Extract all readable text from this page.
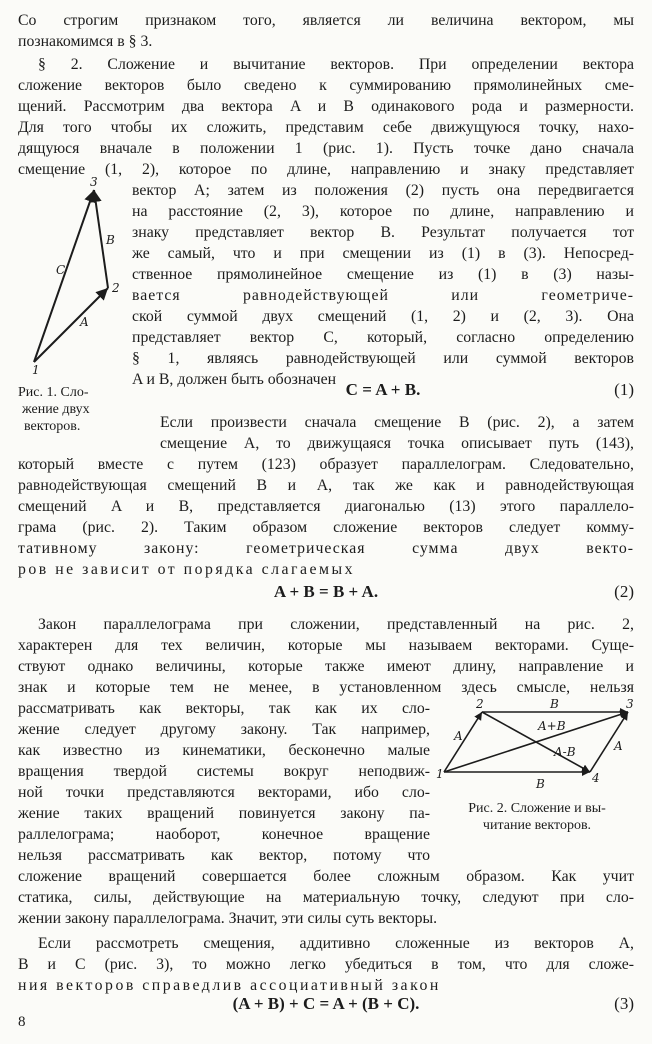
Со строгим признаком того, является ли величина вектором, мы
познакомимся в § 3.
§ 2. Сложение и вычитание векторов. При определении вектора
сложение векторов было сведено к суммированию прямолинейных сме-
щений. Рассмотрим два вектора A и B одинакового рода и размерности.
Для того чтобы их сложить, представим себе движущуюся точку, нахо-
дящуюся вначале в положении 1 (рис. 1). Пусть точке дано сначала
смещение (1, 2), которое по длине, направлению и знаку представляет
вектор A; затем из положения (2) пусть она передвигается
на расстояние (2, 3), которое по длине, направлению и
знаку представляет вектор B. Результат получается тот
же самый, что и при смещении из (1) в (3). Непосред-
ственное прямолинейное смещение из (1) в (3) назы-
вается равнодействующей или геометриче-
ской суммой двух смещений (1, 2) и (2, 3). Она
представляет вектор C, который, согласно определению
§ 1, являясь равнодействующей или суммой векторов
A и B, должен быть обозначен
1
2
3
A
B
C
Рис. 1. Сло-
жение двух
векторов.
C = A + B.	(1)
Если произвести сначала смещение B (рис. 2), а затем
смещение A, то движущаяся точка описывает путь (143),
который вместе с путем (123) образует параллелограм. Следовательно,
равнодействующая смещений B и A, так же как и равнодействующая
смещений A и B, представляется диагональю (13) этого параллело-
грама (рис. 2). Таким образом сложение векторов следует комму-
тативному закону: геометрическая сумма двух векто-
ров не зависит от порядка слагаемых
A + B = B + A.	(2)
Закон параллелограма при сложении, представленный на рис. 2,
характерен для тех величин, которые мы называем векторами. Суще-
ствуют однако величины, которые также имеют длину, направление и
знак и которые тем не менее, в установленном здесь смысле, нельзя
рассматривать как векторы, так как их сло-
жение следует другому закону. Так например,
как известно из кинематики, бесконечно малые
вращения твердой системы вокруг неподвиж-
ной точки представляются векторами, ибо сло-
жение таких вращений повинуется закону па-
раллелограма; наоборот, конечное вращение
нельзя рассматривать как вектор, потому что
сложение вращений совершается более сложным образом. Как учит
статика, силы, действующие на материальную точку, следуют при сло-
жении закону параллелограма. Значит, эти силы суть векторы.
1
2	3
4
A
B
A
B
A-B
A+B
Рис. 2. Сложение и вы-
читание векторов.
Если рассмотреть смещения, аддитивно сложенные из векторов A,
B и C (рис. 3), то можно легко убедиться в том, что для сложе-
ния векторов справедлив ассоциативный закон
(A + B) + C = A + (B + C).	(3)
8
